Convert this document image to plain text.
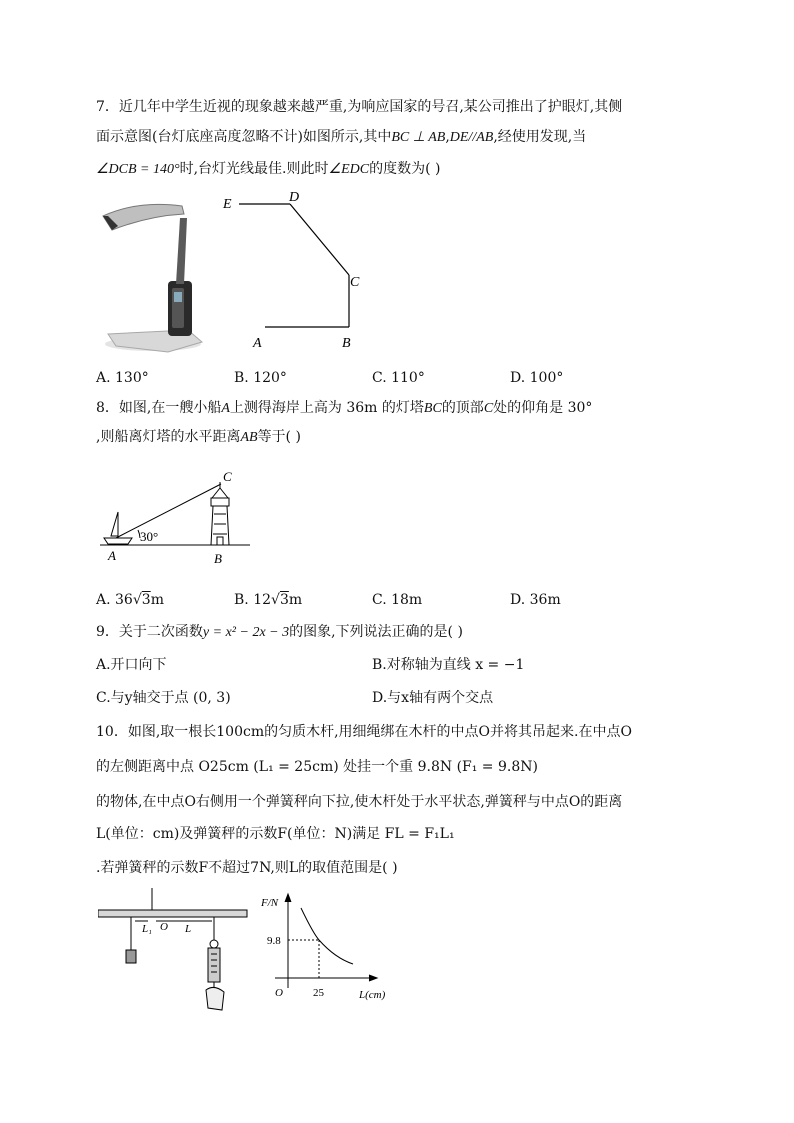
7．近几年中学生近视的现象越来越严重,为响应国家的号召,某公司推出了护眼灯,其侧
面示意图(台灯底座高度忽略不计)如图所示,其中BC ⊥ AB,DE//AB,经使用发现,当
∠DCB = 140°时,台灯光线最佳.则此时∠EDC的度数为( )
E	D
C
A	B
A. 130°	B. 120°	C. 110°	D. 100°
8．如图,在一艘小船A上测得海岸上高为 36m 的灯塔BC的顶部C处的仰角是 30°
,则船离灯塔的水平距离AB等于( )
C
30°
A	B
A. 36√3m	B. 12√3m	C. 18m	D. 36m
9．关于二次函数y = x² − 2x − 3的图象,下列说法正确的是( )
A.开口向下	B.对称轴为直线 x = −1
C.与y轴交于点 (0, 3)	D.与x轴有两个交点
10．如图,取一根长100cm的匀质木杆,用细绳绑在木杆的中点O并将其吊起来.在中点O
的左侧距离中点 O25cm (L₁ = 25cm) 处挂一个重 9.8N (F₁ = 9.8N)
的物体,在中点O右侧用一个弹簧秤向下拉,使木杆处于水平状态,弹簧秤与中点O的距离
L(单位：cm)及弹簧秤的示数F(单位：N)满足 FL = F₁L₁
.若弹簧秤的示数F不超过7N,则L的取值范围是( )
L₁ O L
F/N
9.8
O	25	L(cm)
